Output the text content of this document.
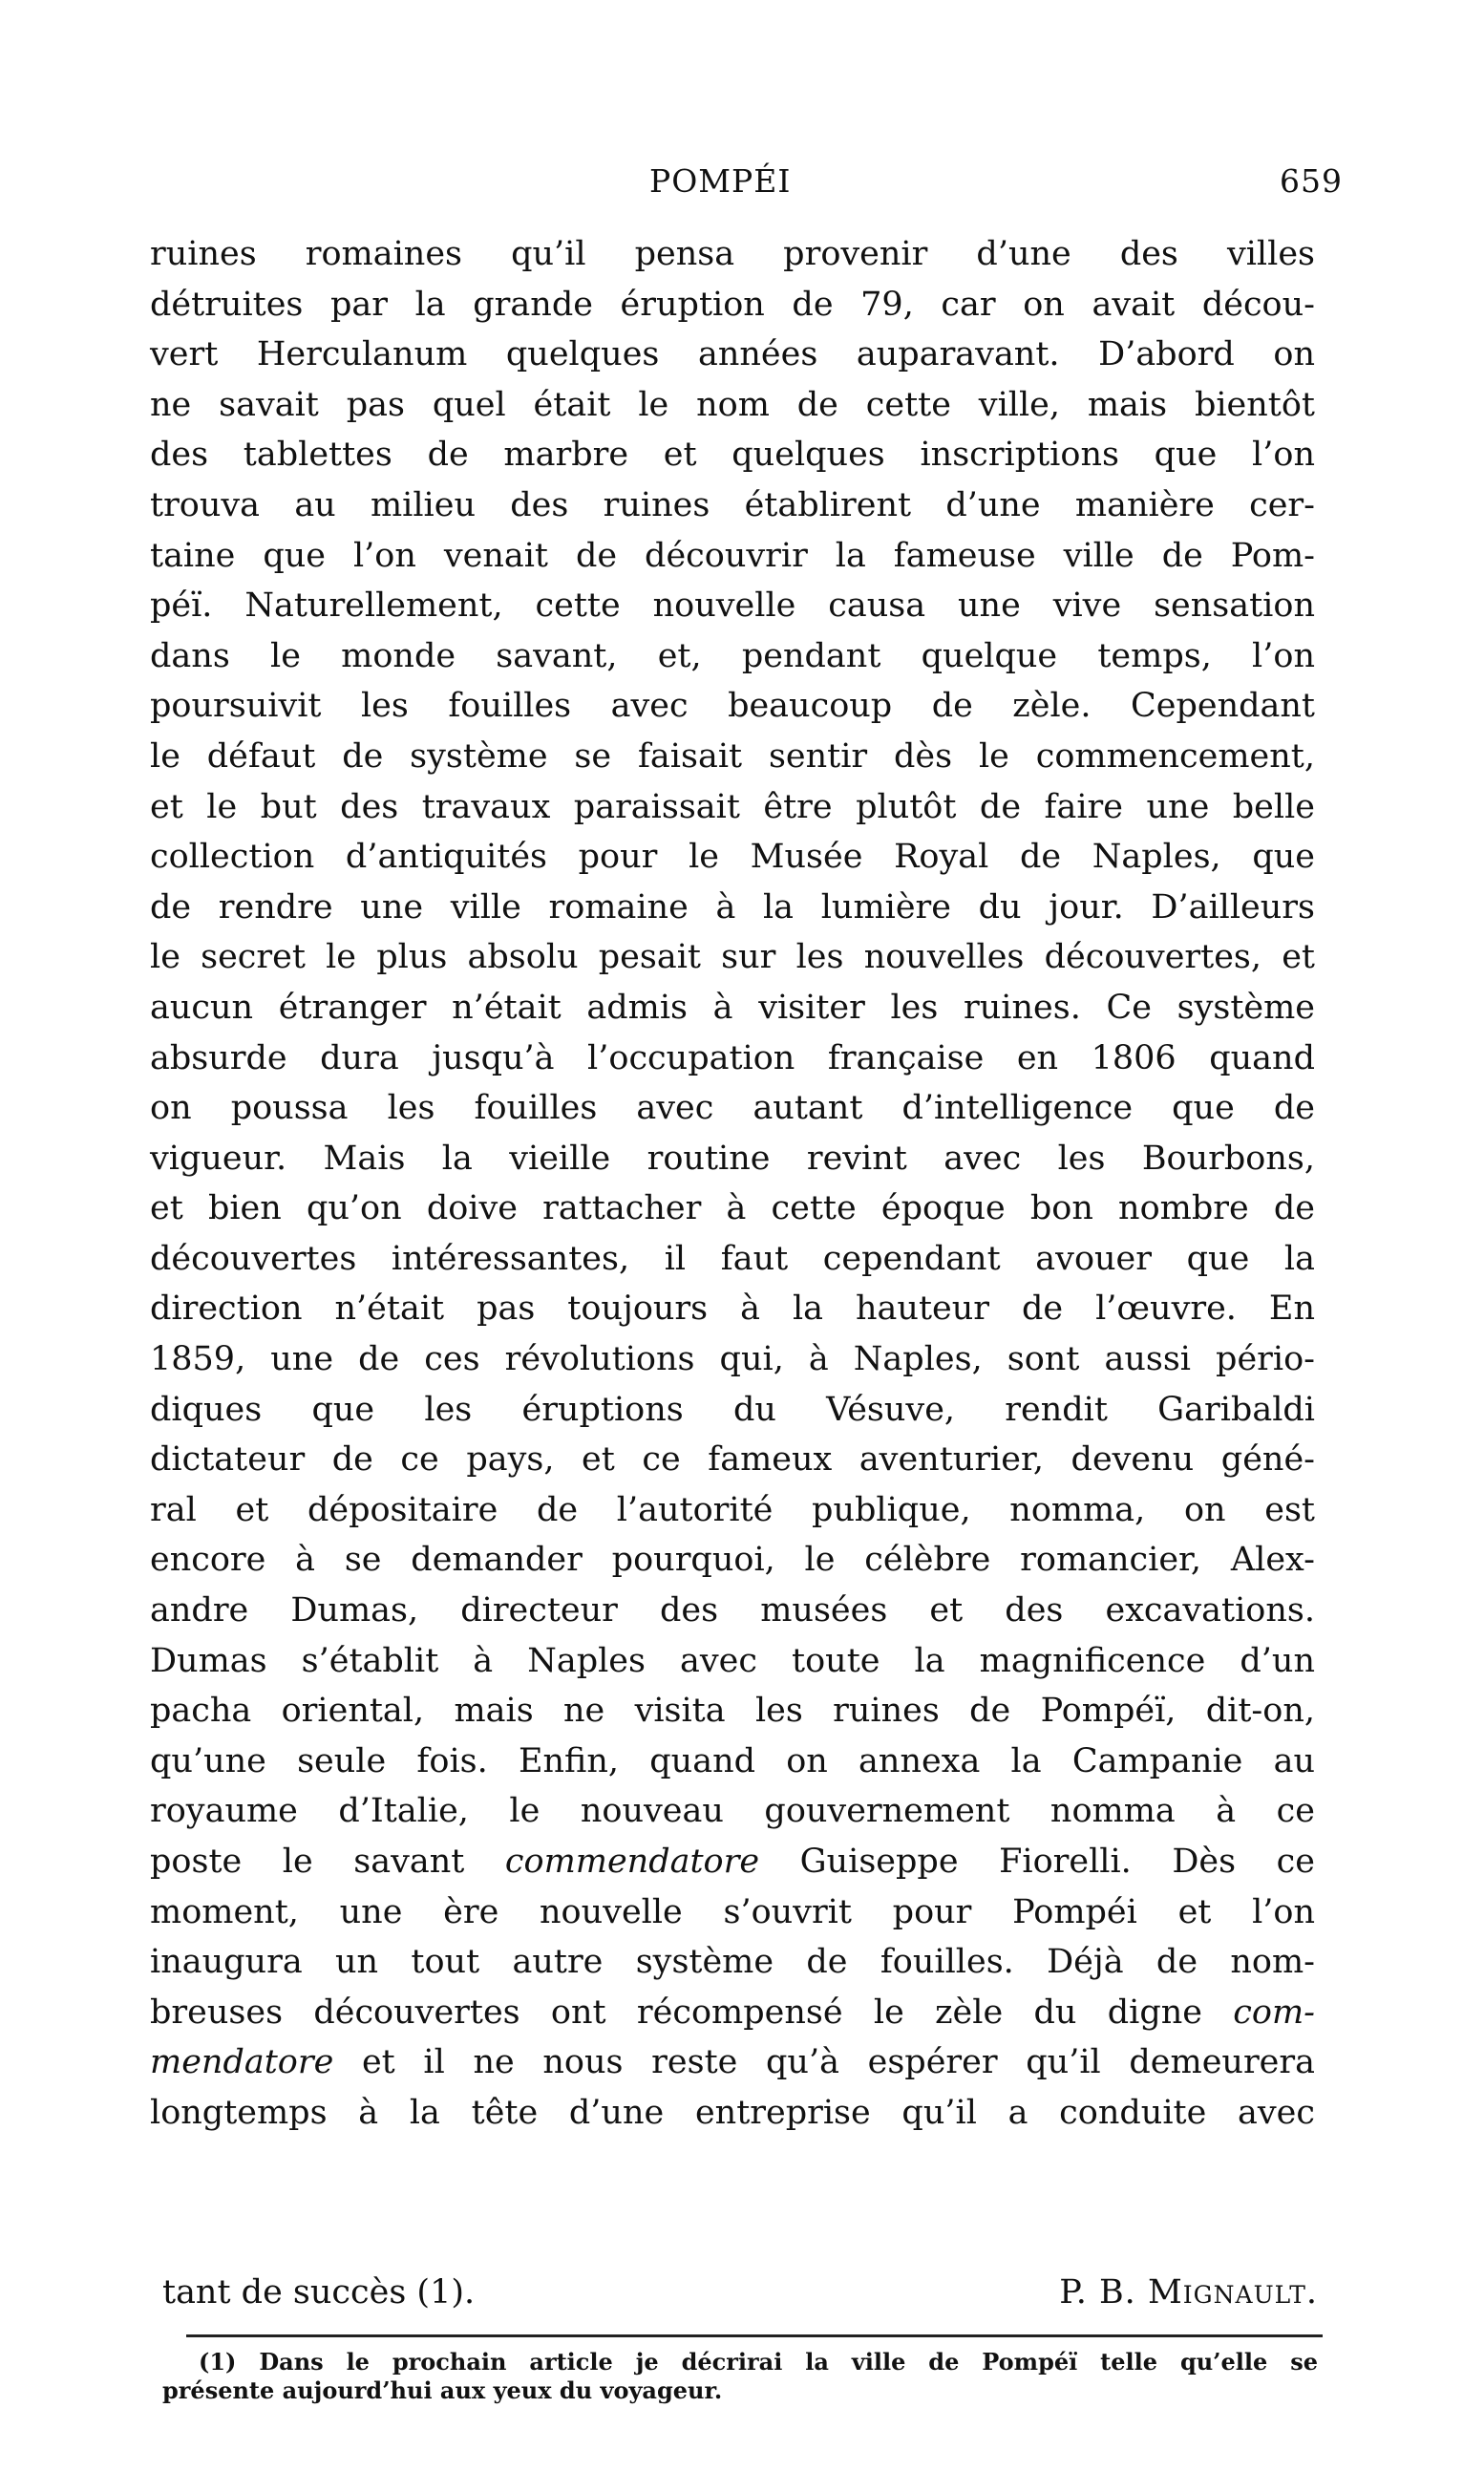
POMPÉI	659
ruines romaines qu’il pensa provenir d’une des villes
détruites par la grande éruption de 79, car on avait décou-
vert Herculanum quelques années auparavant. D’abord on
ne savait pas quel était le nom de cette ville, mais bientôt
des tablettes de marbre et quelques inscriptions que l’on
trouva au milieu des ruines établirent d’une manière cer-
taine que l’on venait de découvrir la fameuse ville de Pom-
péï. Naturellement, cette nouvelle causa une vive sensation
dans le monde savant, et, pendant quelque temps, l’on
poursuivit les fouilles avec beaucoup de zèle. Cependant
le défaut de système se faisait sentir dès le commencement,
et le but des travaux paraissait être plutôt de faire une belle
collection d’antiquités pour le Musée Royal de Naples, que
de rendre une ville romaine à la lumière du jour. D’ailleurs
le secret le plus absolu pesait sur les nouvelles découvertes, et
aucun étranger n’était admis à visiter les ruines. Ce système
absurde dura jusqu’à l’occupation française en 1806 quand
on poussa les fouilles avec autant d’intelligence que de
vigueur. Mais la vieille routine revint avec les Bourbons,
et bien qu’on doive rattacher à cette époque bon nombre de
découvertes intéressantes, il faut cependant avouer que la
direction n’était pas toujours à la hauteur de l’œuvre. En
1859, une de ces révolutions qui, à Naples, sont aussi pério-
diques que les éruptions du Vésuve, rendit Garibaldi
dictateur de ce pays, et ce fameux aventurier, devenu géné-
ral et dépositaire de l’autorité publique, nomma, on est
encore à se demander pourquoi, le célèbre romancier, Alex-
andre Dumas, directeur des musées et des excavations.
Dumas s’établit à Naples avec toute la magnificence d’un
pacha oriental, mais ne visita les ruines de Pompéï, dit-on,
qu’une seule fois. Enfin, quand on annexa la Campanie au
royaume d’Italie, le nouveau gouvernement nomma à ce
poste le savant commendatore Guiseppe Fiorelli. Dès ce
moment, une ère nouvelle s’ouvrit pour Pompéi et l’on
inaugura un tout autre système de fouilles. Déjà de nom-
breuses découvertes ont récompensé le zèle du digne com-
mendatore et il ne nous reste qu’à espérer qu’il demeurera
longtemps à la tête d’une entreprise qu’il a conduite avec
tant de succès (1).	P. B. Mignault.
(1) Dans le prochain article je décrirai la ville de Pompéï telle qu’elle se
présente aujourd’hui aux yeux du voyageur.
